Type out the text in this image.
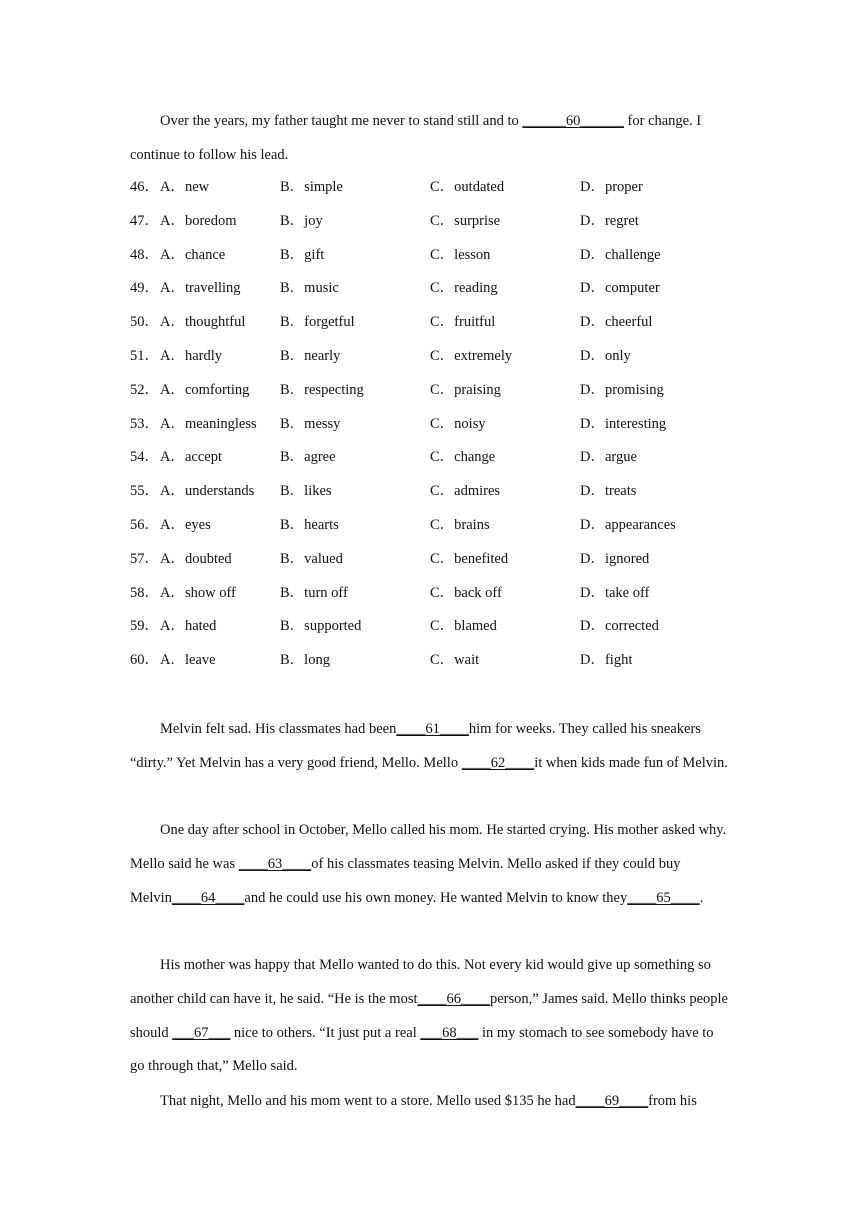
Over the years, my father taught me never to stand still and to ______60______ for change. I continue to follow his lead.

46． A．new	B．simple	C．outdated	D．proper
47． A．boredom	B．joy	C．surprise	D．regret
48． A．chance	B．gift	C．lesson	D．challenge
49． A．travelling	B．music	C．reading	D．computer
50． A．thoughtful B．forgetful	C．fruitful	D．cheerful
51． A．hardly	B．nearly	C．extremely	D．only
52． A．comforting B．respecting	C．praising	D．promising
53． A．meaningless B．messy	C．noisy	D．interesting
54． A．accept	B．agree	C．change	D．argue
55． A．understands B．likes	C．admires	D．treats
56． A．eyes	B．hearts	C．brains	D．appearances
57． A．doubted	B．valued	C．benefited	D．ignored
58． A．show off	B．turn off	C．back off	D．take off
59． A．hated	B．supported	C．blamed	D．corrected
60． A．leave	B．long	C．wait	D．fight

Melvin felt sad. His classmates had been____61____him for weeks. They called his sneakers “dirty.” Yet Melvin has a very good friend, Mello. Mello ____62____it when kids made fun of Melvin.

One day after school in October, Mello called his mom. He started crying. His mother asked why. Mello said he was ____63____of his classmates teasing Melvin. Mello asked if they could buy Melvin____64____and he could use his own money. He wanted Melvin to know they____65____.

His mother was happy that Mello wanted to do this. Not every kid would give up something so another child can have it, he said. “He is the most____66____person,” James said. Mello thinks people should ___67___ nice to others. “It just put a real ___68___ in my stomach to see somebody have to go through that,” Mello said.

That night, Mello and his mom went to a store. Mello used $135 he had____69____from his
